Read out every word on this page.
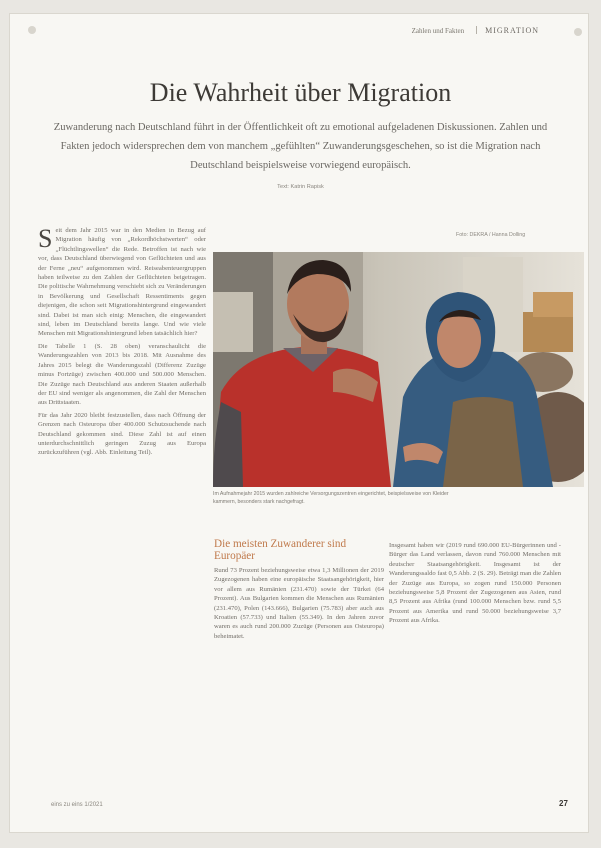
Zahlen und Fakten	MIGRATION
Die Wahrheit über Migration
Zuwanderung nach Deutschland führt in der Öffentlichkeit oft zu emotional aufgeladenen Diskussionen. Zahlen und Fakten jedoch widersprechen dem von manchem „gefühlten“ Zuwanderungsgeschehen, so ist die Migration nach Deutschland beispielsweise vorwiegend europäisch.
Text: Katrin Rapisk

Seit dem Jahr 2015 war in den Medien in Bezug auf Migration häufig von „Rekordhöchstwerten“ oder „Flüchtlingswellen“ die Rede. Betroffen ist nach wie vor, dass Deutschland überwiegend von Geflüchteten und aus der Ferne „neu“ aufgenommen wird. Reiseabenteuergruppen haben teilweise zu den Zahlen der Geflüchteten beigetragen. Die politische Wahrnehmung verschiebt sich zu Veränderungen in Bevölkerung und Gesellschaft Ressentiments gegen diejenigen, die schon seit Migrationshintergrund eingewandert sind. Dabei ist man sich einig: Menschen, die eingewandert sind, leben im Deutschland bereits lange. Und wie viele Menschen mit Migrationshintergrund leben tatsächlich hier?

Die Tabelle 1 (S. 28 oben) veranschaulicht die Wanderungszahlen von 2013 bis 2018. Mit Ausnahme des Jahres 2015 belegt die Wanderungszahl (Differenz Zuzüge minus Fortzüge) zwischen 400.000 und 500.000 Menschen. Die Zuzüge nach Deutschland aus anderen Staaten außerhalb der EU sind weniger als angenommen, die Zahl der Menschen aus Drittstaaten.

Für das Jahr 2020 bleibt festzustellen, dass nach Öffnung der Grenzen nach Osteuropa über 400.000 Schutzsuchende nach Deutschland gekommen sind. Diese Zahl ist auf einen unterdurchschnittlich geringen Zuzug aus Europa zurückzuführen (vgl. Abb. Einleitung Teil).

Foto: DEKRA / Hanna Dolling
Im Aufnahmejahr 2015 wurden zahlreiche Versorgungszentren eingerichtet, beispielsweise von Kleider kammern, besonders stark nachgefragt.
Die meisten Zuwanderer sind Europäer

Rund 73 Prozent beziehungsweise etwa 1,3 Millionen der 2019 Zugezogenen haben eine europäische Staatsangehörigkeit, hier vor allem aus Rumänien (231.470) sowie der Türkei (64 Prozent). Aus Bulgarien kommen die Menschen aus Rumänien (231.470), Polen (143.666), Bulgarien (75.783) aber auch aus Kroatien (57.733) und Italien (55.349). In den Jahren zuvor waren es auch rund 200.000 Zuzüge (Personen aus Osteuropa) beheimatet.

Insgesamt haben wir (2019 rund 690.000 EU-Bürgerinnen und -Bürger das Land verlassen, davon rund 760.000 Menschen mit deutscher Staatsangehörigkeit. Insgesamt ist der Wanderungssaldo fast 0,5 Abb. 2 (S. 29). Beträgt man die Zahlen der Zuzüge aus Europa, so zogen rund 150.000 Personen beziehungsweise 5,8 Prozent der Zugezogenen aus Asien, rund 8,5 Prozent aus Afrika (rund 100.000 Menschen bzw. rund 5,5 Prozent aus Amerika und rund 50.000 beziehungsweise 3,7 Prozent aus Afrika.

eins zu eins 1/2021	27
